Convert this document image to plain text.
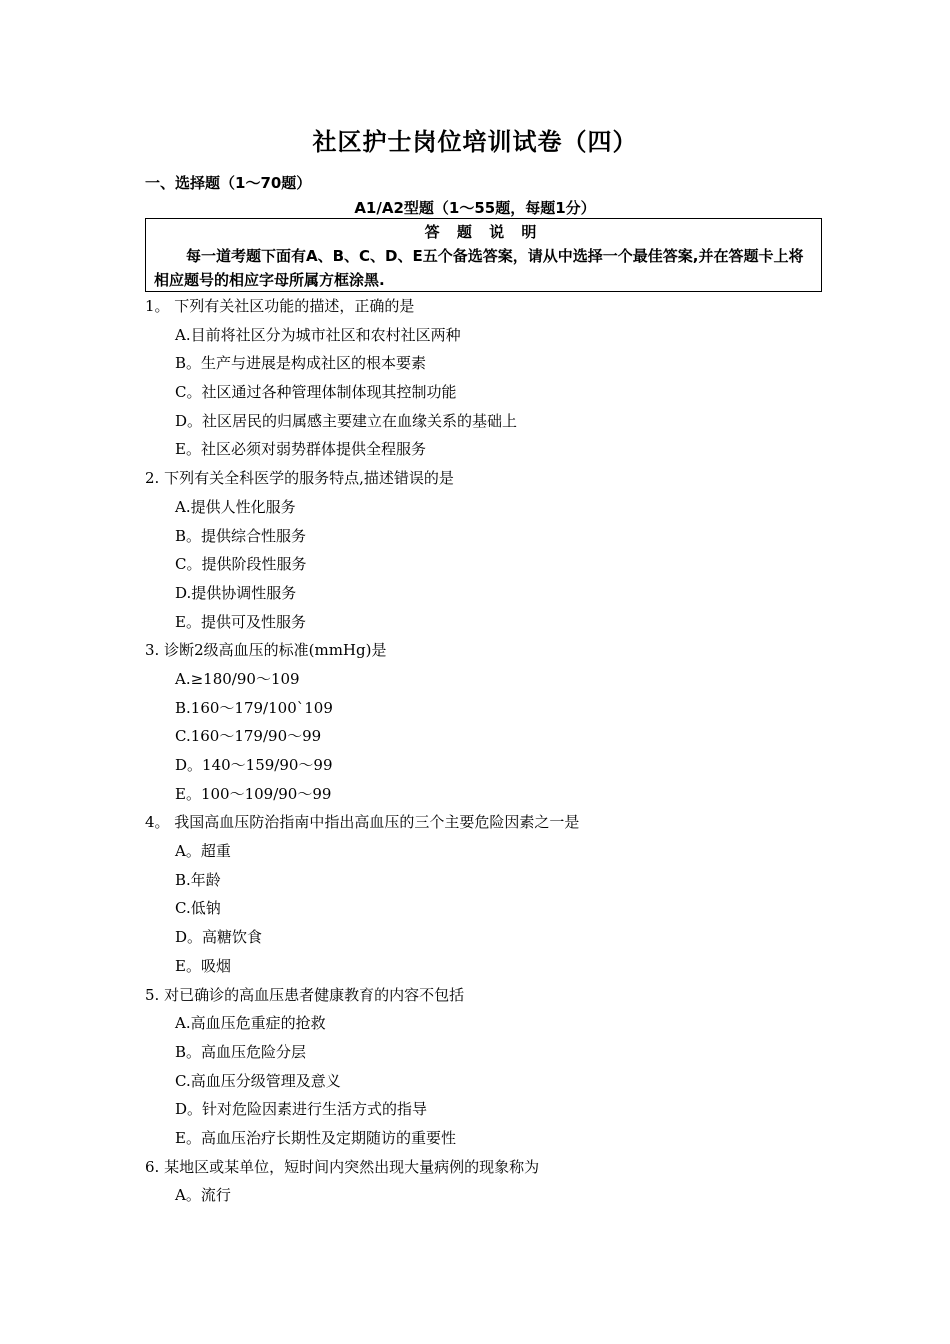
社区护士岗位培训试卷（四）
一、选择题（1～70题）
A1/A2型题（1～55题，每题1分）
答 题 说 明
每一道考题下面有A、B、C、D、E五个备选答案，请从中选择一个最佳答案,并在答题卡上将相应题号的相应字母所属方框涂黑.
1。 下列有关社区功能的描述，正确的是
A.目前将社区分为城市社区和农村社区两种
B。生产与进展是构成社区的根本要素
C。社区通过各种管理体制体现其控制功能
D。社区居民的归属感主要建立在血缘关系的基础上
E。社区必须对弱势群体提供全程服务
2. 下列有关全科医学的服务特点,描述错误的是
A.提供人性化服务
B。提供综合性服务
C。提供阶段性服务
D.提供协调性服务
E。提供可及性服务
3. 诊断2级高血压的标准(mmHg)是
A.≥180/90～109
B.160～179/100`109
C.160～179/90～99
D。140～159/90～99
E。100～109/90～99
4。 我国高血压防治指南中指出高血压的三个主要危险因素之一是
A。超重
B.年龄
C.低钠
D。高糖饮食
E。吸烟
5. 对已确诊的高血压患者健康教育的内容不包括
A.高血压危重症的抢救
B。高血压危险分层
C.高血压分级管理及意义
D。针对危险因素进行生活方式的指导
E。高血压治疗长期性及定期随访的重要性
6. 某地区或某单位，短时间内突然出现大量病例的现象称为
A。流行
